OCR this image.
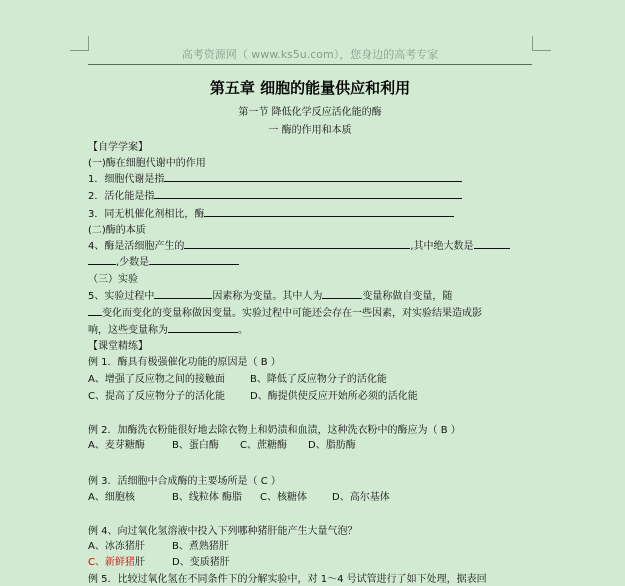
高考资源网（ www.ks5u.com），您身边的高考专家
第五章 细胞的能量供应和利用
第一节 降低化学反应活化能的酶
一 酶的作用和本质
【自学学案】
(一)酶在细胞代谢中的作用
1．细胞代谢是指
2．活化能是指
3．同无机催化剂相比，酶
(二)酶的本质
4、酶是活细胞产生的	,其中绝大数是
,少数是
（三）实验
5、实验过程中	因素称为变量。其中人为	变量称做自变量，随
变化而变化的变量称做因变量。实验过程中可能还会存在一些因素，对实验结果造成影
响，这些变量称为	。
【课堂精练】
例 1．酶具有极强催化功能的原因是（ B ）
A、增强了反应物之间的接触面	B、降低了反应物分子的活化能
C、提高了反应物分子的活化能	D、酶提供使反应开始所必须的活化能
例 2．加酶洗衣粉能很好地去除衣物上和奶渍和血渍，这种洗衣粉中的酶应为（ B ）
A、麦芽糖酶	B、蛋白酶 C、蔗糖酶 D、脂肪酶
例 3．活细胞中合成酶的主要场所是（ C ）
A、细胞核	B、线粒体 酶脂 C、核糖体	D、高尔基体
例 4、向过氧化氢溶液中投入下列哪种猪肝能产生大量气泡？
A、冰冻猪肝	B、煮熟猪肝
C、新鲜猪肝	D、变质猪肝
例 5．比较过氧化氢在不同条件下的分解实验中，对 1～4 号试管进行了如下处理，据表回
